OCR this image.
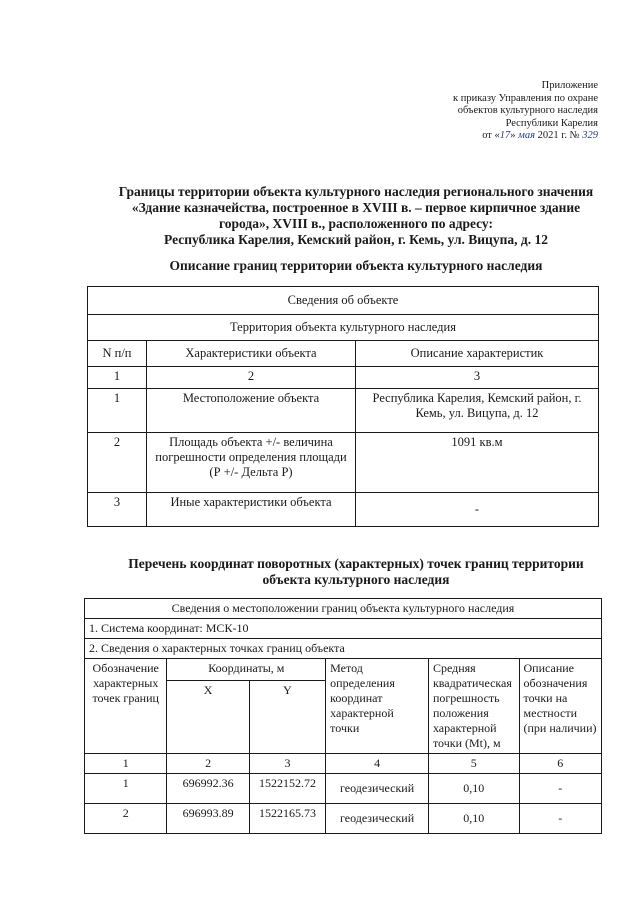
Приложение
к приказу Управления по охране
объектов культурного наследия
Республики Карелия
от «17» мая 2021 г. № 329
Границы территории объекта культурного наследия регионального значения
«Здание казначейства, построенное в XVIII в. – первое кирпичное здание
города», XVIII в., расположенного по адресу:
Республика Карелия, Кемский район, г. Кемь, ул. Вицупа, д. 12
Описание границ территории объекта культурного наследия
Сведения об объекте		
Территория объекта культурного наследия		
N п/п	Характеристики объекта	Описание характеристик
1	2	3
1	Местоположение объекта	Республика Карелия, Кемский район, г. Кемь, ул. Вицупа, д. 12
2	Площадь объекта +/- величина погрешности определения площади (Р +/- Дельта Р)	1091 кв.м
3	Иные характеристики объекта	-
Перечень координат поворотных (характерных) точек границ территории
объекта культурного наследия
Сведения о местоположении границ объекта культурного наследия					
1. Система координат: МСК-10					
2. Сведения о характерных точках границ объекта					
Обозначение характерных точек границ	Координаты, м		Метод определения координат характерной точки	Средняя квадратическая погрешность положения характерной точки (Mt), м	Описание обозначения точки на местности (при наличии)
	X	Y			
1	2	3	4	5	6
1	696992.36	1522152.72	геодезический	0,10	-
2	696993.89	1522165.73	геодезический	0,10	-
